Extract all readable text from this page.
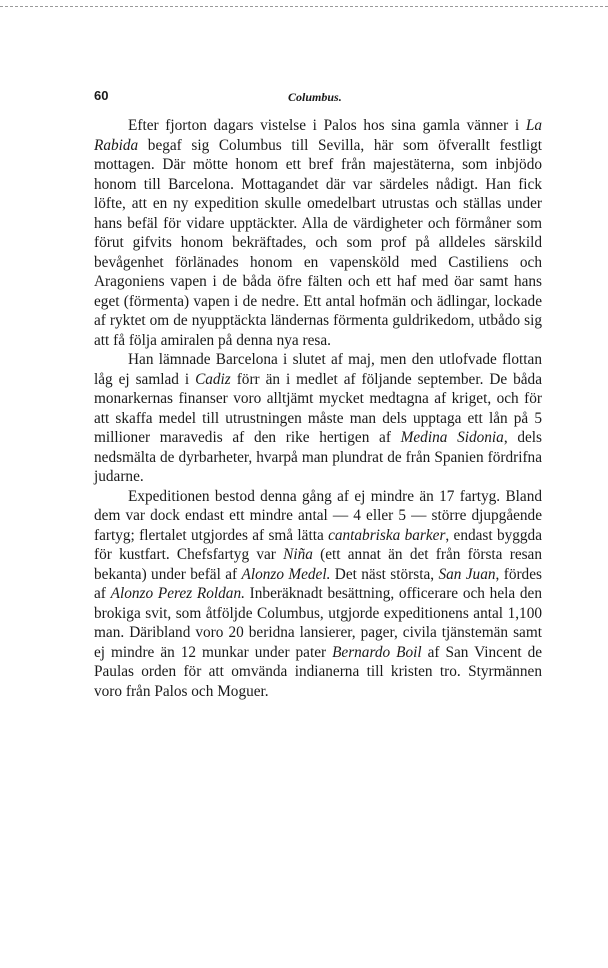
60	Columbus.

Efter fjorton dagars vistelse i Palos hos sina gamla vänner i La Rabida begaf sig Columbus till Sevilla, här som öfverallt festligt mottagen. Där mötte honom ett bref från majestäterna, som inbjödo honom till Barcelona. Mottagandet där var särdeles nådigt. Han fick löfte, att en ny expedition skulle omedelbart utrustas och ställas under hans befäl för vidare upptäckter. Alla de värdigheter och förmåner som förut gifvits honom bekräftades, och som prof på alldeles särskild bevågenhet förlänades honom en vapensköld med Castiliens och Aragoniens vapen i de båda öfre fälten och ett haf med öar samt hans eget (förmenta) vapen i de nedre. Ett antal hofmän och ädlingar, lockade af ryktet om de nyupptäckta ländernas förmenta guldrikedom, utbådo sig att få följa amiralen på denna nya resa.

Han lämnade Barcelona i slutet af maj, men den utlofvade flottan låg ej samlad i Cadiz förr än i medlet af följande september. De båda monarkernas finanser voro alltjämt mycket medtagna af kriget, och för att skaffa medel till utrustningen måste man dels upptaga ett lån på 5 millioner maravedis af den rike hertigen af Medina Sidonia, dels nedsmälta de dyrbarheter, hvarpå man plundrat de från Spanien fördrifna judarne.

Expeditionen bestod denna gång af ej mindre än 17 fartyg. Bland dem var dock endast ett mindre antal — 4 eller 5 — större djupgående fartyg; flertalet utgjordes af små lätta cantabriska barker, endast byggda för kustfart. Chefsfartyg var Niña (ett annat än det från första resan bekanta) under befäl af Alonzo Medel. Det näst största, San Juan, fördes af Alonzo Perez Roldan. Inberäknadt besättning, officerare och hela den brokiga svit, som åtföljde Columbus, utgjorde expeditionens antal 1,100 man. Däribland voro 20 beridna lansierer, pager, civila tjänstemän samt ej mindre än 12 munkar under pater Bernardo Boil af San Vincent de Paulas orden för att omvända indianerna till kristen tro. Styrmännen voro från Palos och Moguer.
